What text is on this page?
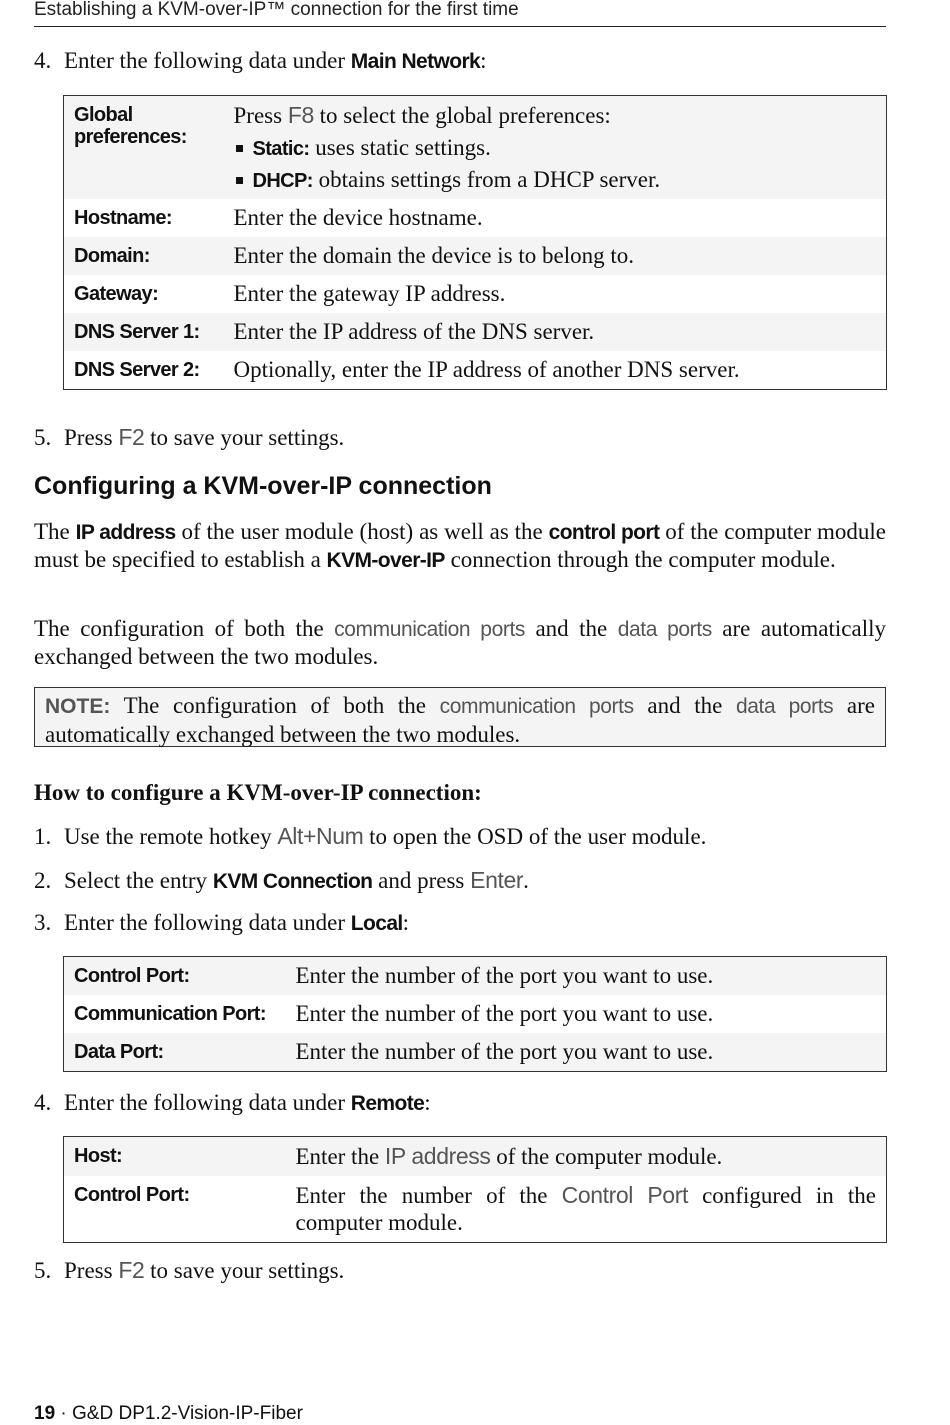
Establishing a KVM-over-IP™ connection for the first time
4. Enter the following data under Main Network:
Global preferences:	Press F8 to select the global preferences:
Static: uses static settings.
DHCP: obtains settings from a DHCP server.

Hostname:	Enter the device hostname.
Domain:	Enter the domain the device is to belong to.
Gateway:	Enter the gateway IP address.
DNS Server 1:	Enter the IP address of the DNS server.
DNS Server 2:	Optionally, enter the IP address of another DNS server.
5. Press F2 to save your settings.
Configuring a KVM-over-IP connection

The IP address of the user module (host) as well as the control port of the computer module must be specified to establish a KVM-over-IP connection through the computer module.

The configuration of both the communication ports and the data ports are automatically exchanged between the two modules.

NOTE: The configuration of both the communication ports and the data ports are automatically exchanged between the two modules.
How to configure a KVM-over-IP connection:
1. Use the remote hotkey Alt+Num to open the OSD of the user module.
2. Select the entry KVM Connection and press Enter.
3. Enter the following data under Local:
Control Port:	Enter the number of the port you want to use.
Communication Port:	Enter the number of the port you want to use.
Data Port:	Enter the number of the port you want to use.
4. Enter the following data under Remote:
Host:	Enter the IP address of the computer module.
Control Port:	Enter the number of the Control Port configured in the computer module.
5. Press F2 to save your settings.
19 · G&D DP1.2-Vision-IP-Fiber
